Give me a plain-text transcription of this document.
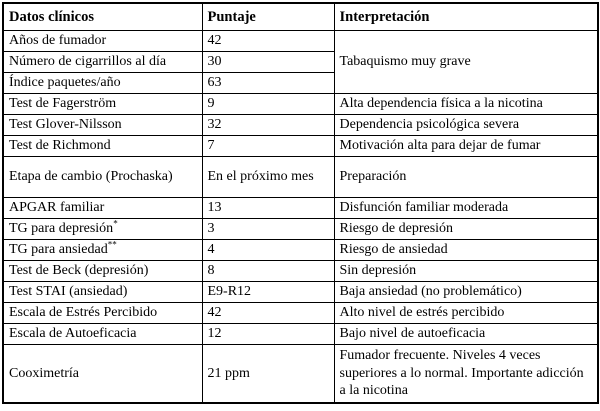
Datos clínicos	Puntaje	Interpretación
Años de fumador	42	Tabaquismo muy grave
Número de cigarrillos al día	30	
Índice paquetes/año	63	
Test de Fagerström	9	Alta dependencia física a la nicotina
Test Glover-Nilsson	32	Dependencia psicológica severa
Test de Richmond	7	Motivación alta para dejar de fumar
Etapa de cambio (Prochaska)	En el próximo mes	Preparación
APGAR familiar	13	Disfunción familiar moderada
TG para depresión*	3	Riesgo de depresión
TG para ansiedad**	4	Riesgo de ansiedad
Test de Beck (depresión)	8	Sin depresión
Test STAI (ansiedad)	E9-R12	Baja ansiedad (no problemático)
Escala de Estrés Percibido	42	Alto nivel de estrés percibido
Escala de Autoeficacia	12	Bajo nivel de autoeficacia
Cooximetría	21 ppm	Fumador frecuente. Niveles 4 veces superiores a lo normal. Importante adicción a la nicotina
